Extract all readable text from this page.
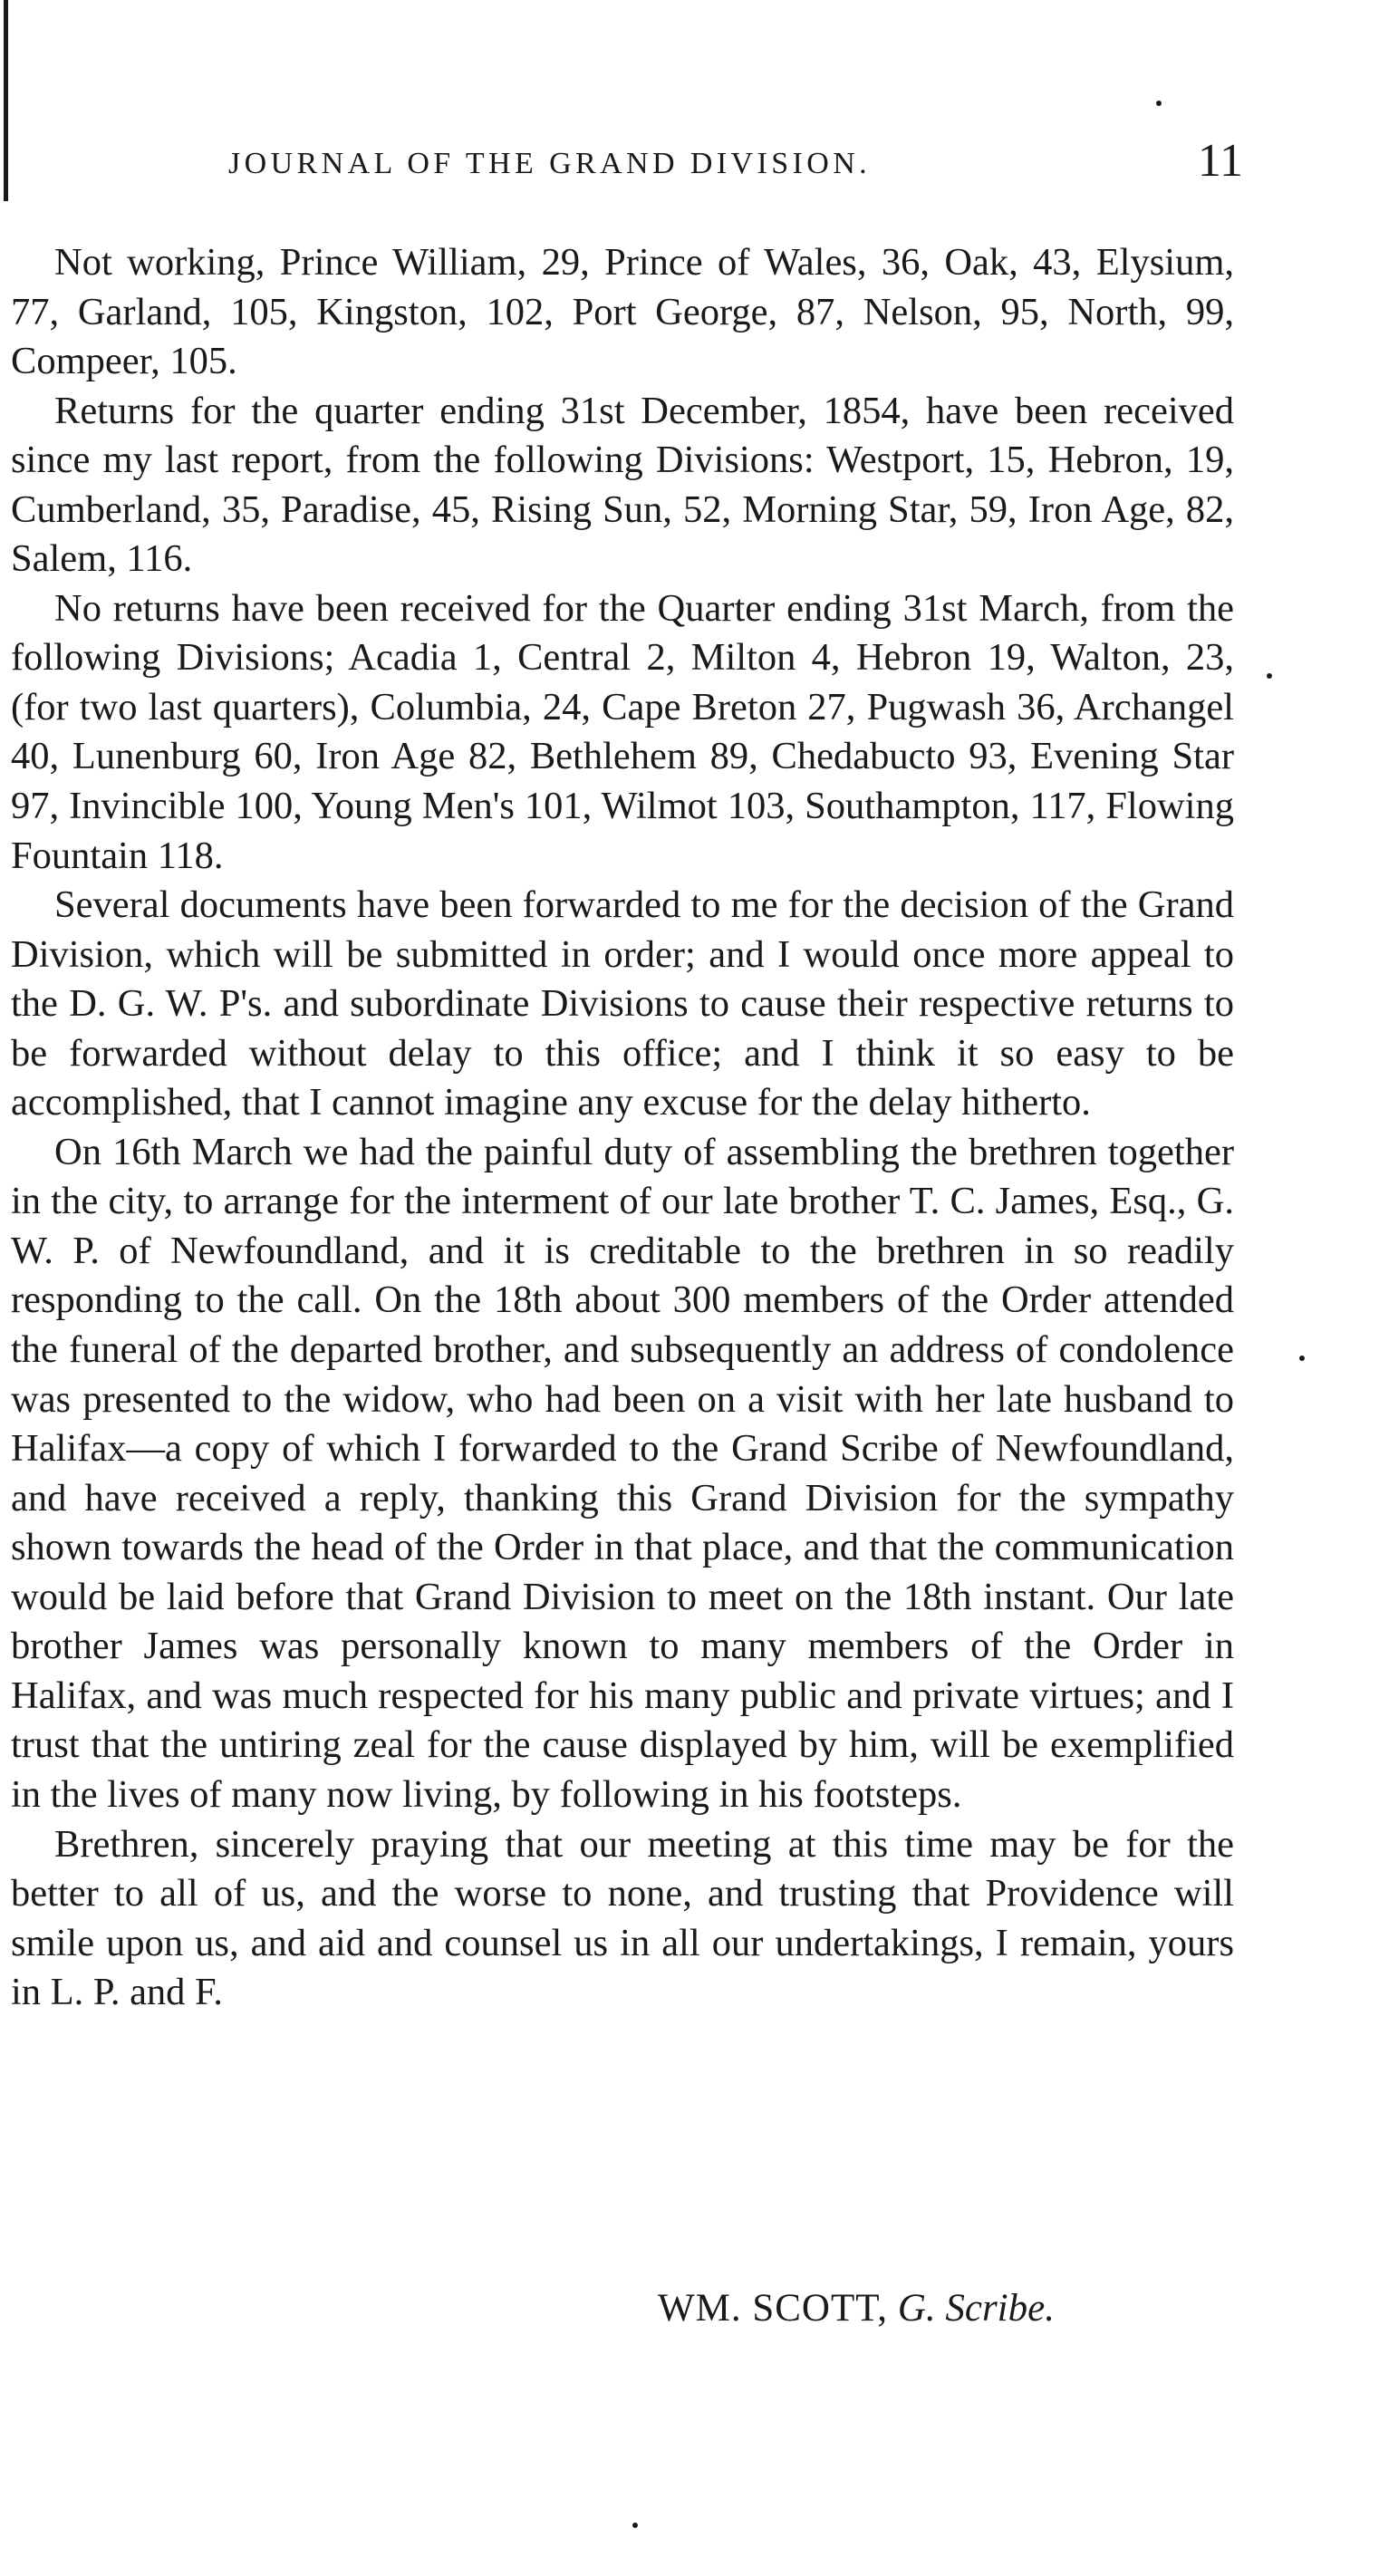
JOURNAL OF THE GRAND DIVISION.	11

Not working, Prince William, 29, Prince of Wales, 36, Oak, 43, Elysium, 77, Garland, 105, Kingston, 102, Port George, 87, Nelson, 95, North, 99, Compeer, 105.

Returns for the quarter ending 31st December, 1854, have been received since my last report, from the following Divisions: Westport, 15, Hebron, 19, Cumberland, 35, Paradise, 45, Rising Sun, 52, Morning Star, 59, Iron Age, 82, Salem, 116.

No returns have been received for the Quarter ending 31st March, from the following Divisions; Acadia 1, Central 2, Milton 4, Hebron 19, Walton, 23, (for two last quarters), Columbia, 24, Cape Breton 27, Pugwash 36, Archangel 40, Lunenburg 60, Iron Age 82, Bethlehem 89, Chedabucto 93, Evening Star 97, Invincible 100, Young Men's 101, Wilmot 103, Southampton, 117, Flowing Fountain 118.

Several documents have been forwarded to me for the decision of the Grand Division, which will be submitted in order; and I would once more appeal to the D. G. W. P's. and subordinate Divisions to cause their respective returns to be forwarded without delay to this office; and I think it so easy to be accomplished, that I cannot imagine any excuse for the delay hitherto.

On 16th March we had the painful duty of assembling the brethren together in the city, to arrange for the interment of our late brother T. C. James, Esq., G. W. P. of Newfoundland, and it is creditable to the brethren in so readily responding to the call. On the 18th about 300 members of the Order attended the funeral of the departed brother, and subsequently an address of condolence was presented to the widow, who had been on a visit with her late husband to Halifax—a copy of which I forwarded to the Grand Scribe of Newfoundland, and have received a reply, thanking this Grand Division for the sympathy shown towards the head of the Order in that place, and that the communication would be laid before that Grand Division to meet on the 18th instant. Our late brother James was personally known to many members of the Order in Halifax, and was much respected for his many public and private virtues; and I trust that the untiring zeal for the cause displayed by him, will be exemplified in the lives of many now living, by following in his footsteps.

Brethren, sincerely praying that our meeting at this time may be for the better to all of us, and the worse to none, and trusting that Providence will smile upon us, and aid and counsel us in all our undertakings, I remain, yours in L. P. and F.

WM. SCOTT, G. Scribe.
